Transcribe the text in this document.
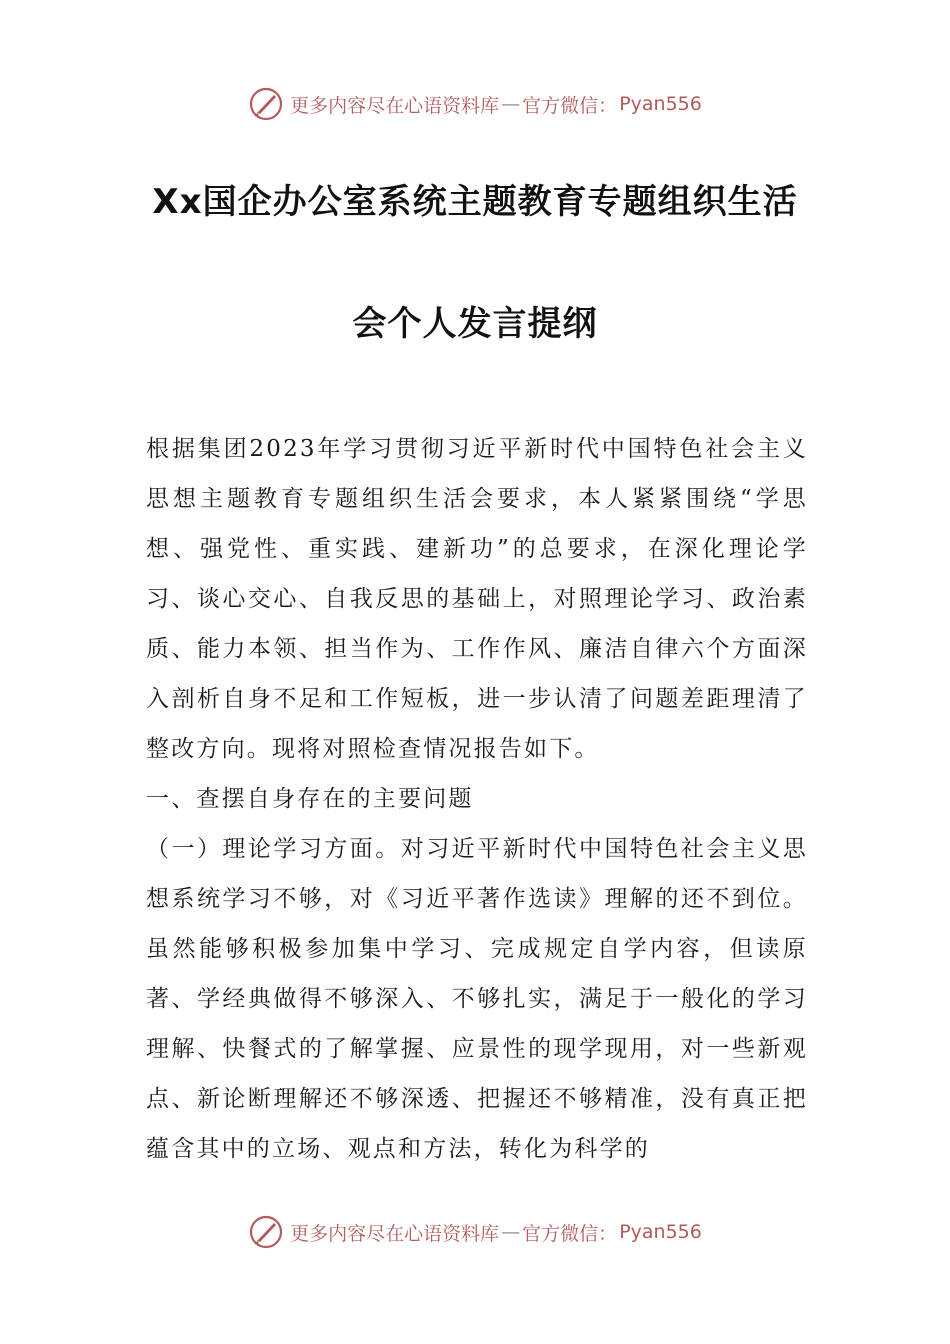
更多内容尽在心语资料库 — 官方微信： Pyan556
Xx国企办公室系统主题教育专题组织生活
会个人发言提纲

根据集团2023年学习贯彻习近平新时代中国特色社会主义思想主题教育专题组织生活会要求，本人紧紧围绕“学思想、强党性、重实践、建新功”的总要求，在深化理论学习、谈心交心、自我反思的基础上，对照理论学习、政治素质、能力本领、担当作为、工作作风、廉洁自律六个方面深入剖析自身不足和工作短板，进一步认清了问题差距理清了整改方向。现将对照检查情况报告如下。

一、查摆自身存在的主要问题

（一）理论学习方面。对习近平新时代中国特色社会主义思想系统学习不够，对《习近平著作选读》理解的还不到位。虽然能够积极参加集中学习、完成规定自学内容，但读原著、学经典做得不够深入、不够扎实，满足于一般化的学习理解、快餐式的了解掌握、应景性的现学现用，对一些新观点、新论断理解还不够深透、把握还不够精准，没有真正把蕴含其中的立场、观点和方法，转化为科学的

更多内容尽在心语资料库 — 官方微信： Pyan556
